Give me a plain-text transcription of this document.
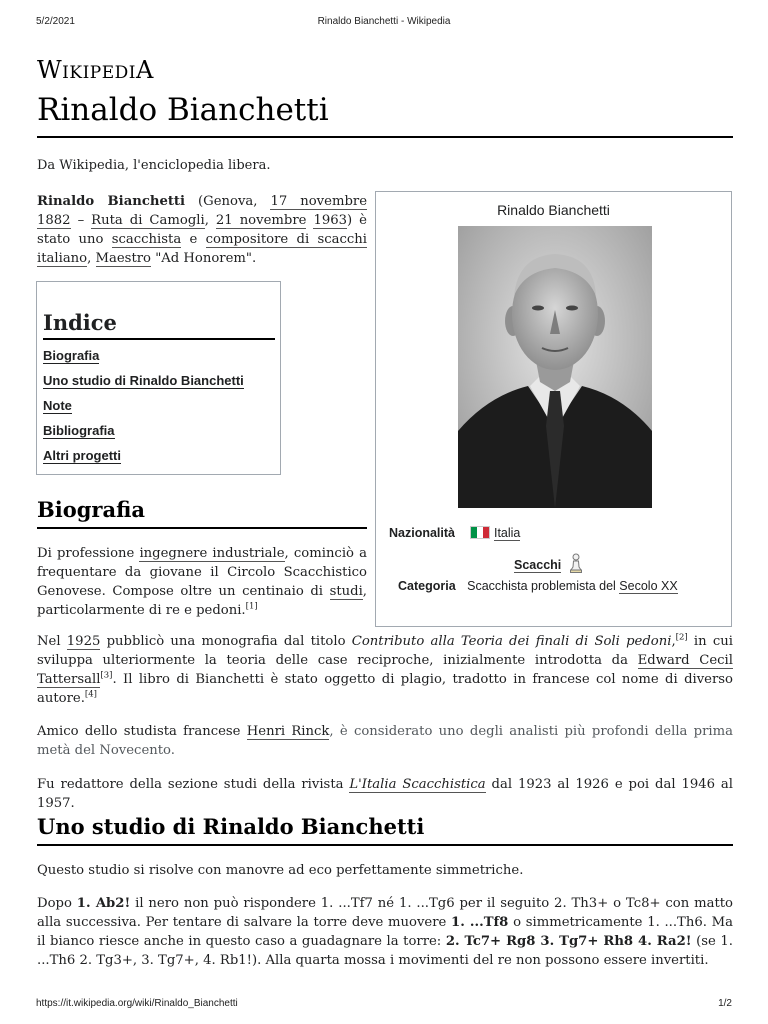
5/2/2021	Rinaldo Bianchetti - Wikipedia
WIKIPEDIA
Rinaldo Bianchetti
Da Wikipedia, l'enciclopedia libera.
Rinaldo Bianchetti (Genova, 17 novembre 1882 – Ruta di Camogli, 21 novembre 1963) è stato uno scacchista e compositore di scacchi italiano, Maestro "Ad Honorem".
Rinaldo Bianchetti
Nazionalità	Italia
Scacchi
Categoria Scacchista problemista del Secolo XX
Indice
Biografia
Uno studio di Rinaldo Bianchetti
Note
Bibliografia
Altri progetti
Biografia
Di professione ingegnere industriale, cominciò a frequentare da giovane il Circolo Scacchistico Genovese. Compose oltre un centinaio di studi, particolarmente di re e pedoni.[1]
Nel 1925 pubblicò una monografia dal titolo Contributo alla Teoria dei finali di Soli pedoni,[2] in cui sviluppa ulteriormente la teoria delle case reciproche, inizialmente introdotta da Edward Cecil Tattersall[3]. Il libro di Bianchetti è stato oggetto di plagio, tradotto in francese col nome di diverso autore.[4]
Amico dello studista francese Henri Rinck, è considerato uno degli analisti più profondi della prima metà del Novecento.
Fu redattore della sezione studi della rivista L'Italia Scacchistica dal 1923 al 1926 e poi dal 1946 al 1957.
Uno studio di Rinaldo Bianchetti
Questo studio si risolve con manovre ad eco perfettamente simmetriche.
Dopo 1. Ab2! il nero non può rispondere 1. ...Tf7 né 1. ...Tg6 per il seguito 2. Th3+ o Tc8+ con matto alla successiva. Per tentare di salvare la torre deve muovere 1. ...Tf8 o simmetricamente 1. ...Th6. Ma il bianco riesce anche in questo caso a guadagnare la torre: 2. Tc7+ Rg8 3. Tg7+ Rh8 4. Ra2! (se 1. ...Th6 2. Tg3+, 3. Tg7+, 4. Rb1!). Alla quarta mossa i movimenti del re non possono essere invertiti.
https://it.wikipedia.org/wiki/Rinaldo_Bianchetti	1/2
